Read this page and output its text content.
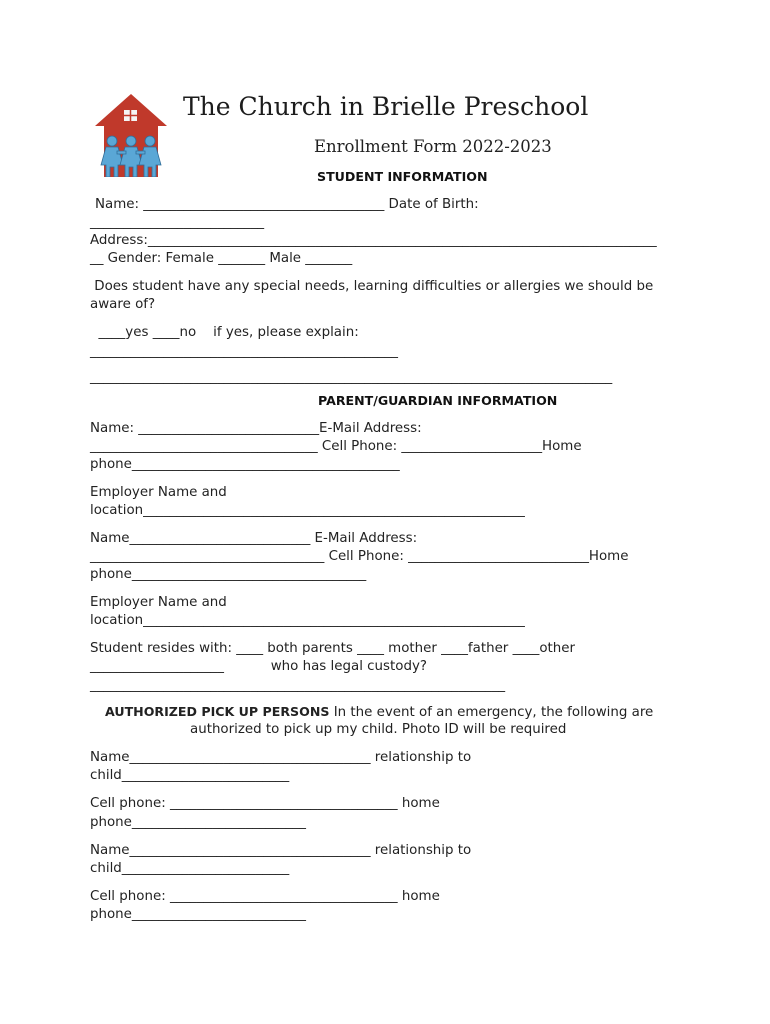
The Church in Brielle Preschool
Enrollment Form 2022-2023
STUDENT INFORMATION
Name: ____________________________________ Date of Birth:
__________________________
Address:____________________________________________________________________________
__ Gender: Female _______ Male _______
Does student have any special needs, learning difficulties or allergies we should be
aware of?
____yes ____no    if yes, please explain:
______________________________________________
______________________________________________________________________________
PARENT/GUARDIAN INFORMATION
Name: ___________________________E-Mail Address:
__________________________________ Cell Phone: _____________________Home
phone________________________________________
Employer Name and
location_________________________________________________________
Name___________________________ E-Mail Address:
___________________________________ Cell Phone: ___________________________Home
phone___________________________________
Employer Name and
location_________________________________________________________
Student resides with: ____ both parents ____ mother ____father ____other
____________________           who has legal custody?
______________________________________________________________
AUTHORIZED PICK UP PERSONS In the event of an emergency, the following are
authorized to pick up my child. Photo ID will be required
Name____________________________________ relationship to
child_________________________
Cell phone: __________________________________ home
phone__________________________
Name____________________________________ relationship to
child_________________________
Cell phone: __________________________________ home
phone__________________________
